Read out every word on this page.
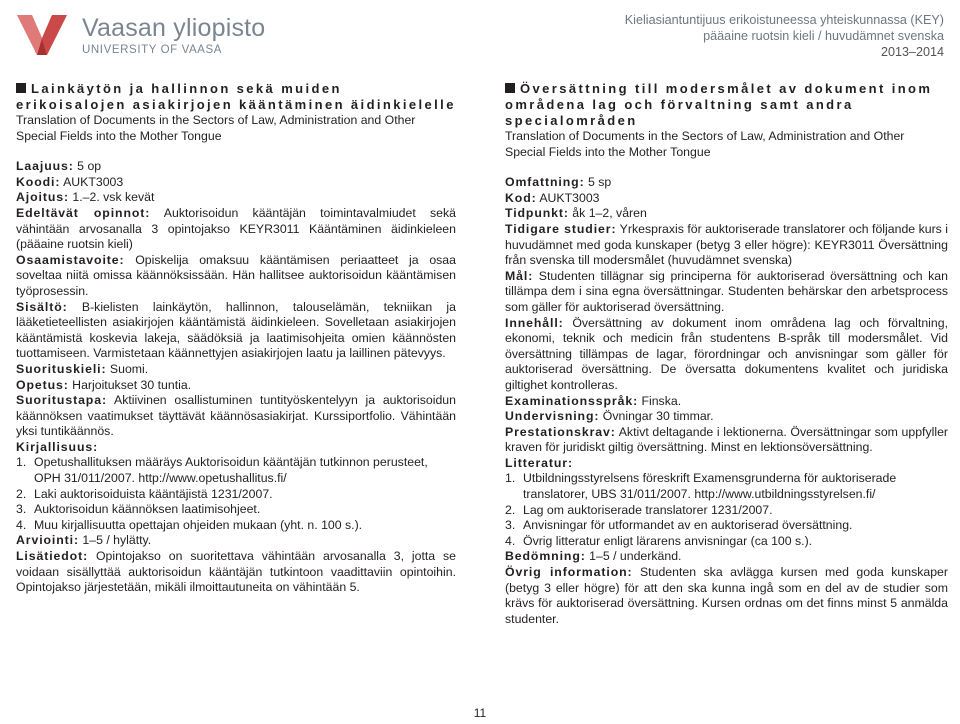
Vaasan yliopisto
UNIVERSITY OF VAASA
Kieliasiantuntijuus erikoistuneessa yhteiskunnassa (KEY)
pääaine ruotsin kieli / huvudämnet svenska
2013–2014
Lainkäytön ja hallinnon sekä muiden erikoisalojen asiakirjojen kääntäminen äidinkielelle
Translation of Documents in the Sectors of Law, Administration and Other Special Fields into the Mother Tongue

Laajuus: 5 op

Koodi: AUKT3003

Ajoitus: 1.–2. vsk kevät

Edeltävät opinnot: Auktorisoidun kääntäjän toimintavalmiudet sekä vähintään arvosanalla 3 opintojakso KEYR3011 Kääntäminen äidinkieleen (pääaine ruotsin kieli)

Osaamistavoite: Opiskelija omaksuu kääntämisen periaatteet ja osaa soveltaa niitä omissa käännöksissään. Hän hallitsee auktorisoidun kääntämisen työprosessin.

Sisältö: B-kielisten lainkäytön, hallinnon, talouselämän, tekniikan ja lääketieteellisten asiakirjojen kääntämistä äidinkieleen. Sovelletaan asiakirjojen kääntämistä koskevia lakeja, säädöksiä ja laatimisohjeita omien käännösten tuottamiseen. Varmistetaan käännettyjen asiakirjojen laatu ja laillinen pätevyys.

Suorituskieli: Suomi.

Opetus: Harjoitukset 30 tuntia.

Suoritustapa: Aktiivinen osallistuminen tuntityöskentelyyn ja auktorisoidun käännöksen vaatimukset täyttävät käännösasiakirjat. Kurssiportfolio. Vähintään yksi tuntikäännös.

Kirjallisuus:

1. Opetushallituksen määräys Auktorisoidun kääntäjän tutkinnon perusteet, OPH 31/011/2007. http://www.opetushallitus.fi/
2. Laki auktorisoiduista kääntäjistä 1231/2007.
3. Auktorisoidun käännöksen laatimisohjeet.
4. Muu kirjallisuutta opettajan ohjeiden mukaan (yht. n. 100 s.).

Arviointi: 1–5 / hylätty.

Lisätiedot: Opintojakso on suoritettava vähintään arvosanalla 3, jotta se voidaan sisällyttää auktorisoidun kääntäjän tutkintoon vaadittaviin opintoihin. Opintojakso järjestetään, mikäli ilmoittautuneita on vähintään 5.

Översättning till modersmålet av dokument inom områdena lag och förvaltning samt andra specialområden
Translation of Documents in the Sectors of Law, Administration and Other Special Fields into the Mother Tongue

Omfattning: 5 sp

Kod: AUKT3003

Tidpunkt: åk 1–2, våren

Tidigare studier: Yrkespraxis för auktoriserade translatorer och följande kurs i huvudämnet med goda kunskaper (betyg 3 eller högre): KEYR3011 Översättning från svenska till modersmålet (huvudämnet svenska)

Mål: Studenten tillägnar sig principerna för auktoriserad översättning och kan tillämpa dem i sina egna översättningar. Studenten behärskar den arbetsprocess som gäller för auktoriserad översättning.

Innehåll: Översättning av dokument inom områdena lag och förvaltning, ekonomi, teknik och medicin från studentens B-språk till modersmålet. Vid översättning tillämpas de lagar, förordningar och anvisningar som gäller för auktoriserad översättning. De översatta dokumentens kvalitet och juridiska giltighet kontrolleras.

Examinationsspråk: Finska.

Undervisning: Övningar 30 timmar.

Prestationskrav: Aktivt deltagande i lektionerna. Översättningar som uppfyller kraven för juridiskt giltig översättning. Minst en lektionsöversättning.

Litteratur:

1. Utbildningsstyrelsens föreskrift Examensgrunderna för auktoriserade translatorer, UBS 31/011/2007. http://www.utbildningsstyrelsen.fi/
2. Lag om auktoriserade translatorer 1231/2007.
3. Anvisningar för utformandet av en auktoriserad översättning.
4. Övrig litteratur enligt lärarens anvisningar (ca 100 s.).

Bedömning: 1–5 / underkänd.

Övrig information: Studenten ska avlägga kursen med goda kunskaper (betyg 3 eller högre) för att den ska kunna ingå som en del av de studier som krävs för auktoriserad översättning. Kursen ordnas om det finns minst 5 anmälda studenter.

11
